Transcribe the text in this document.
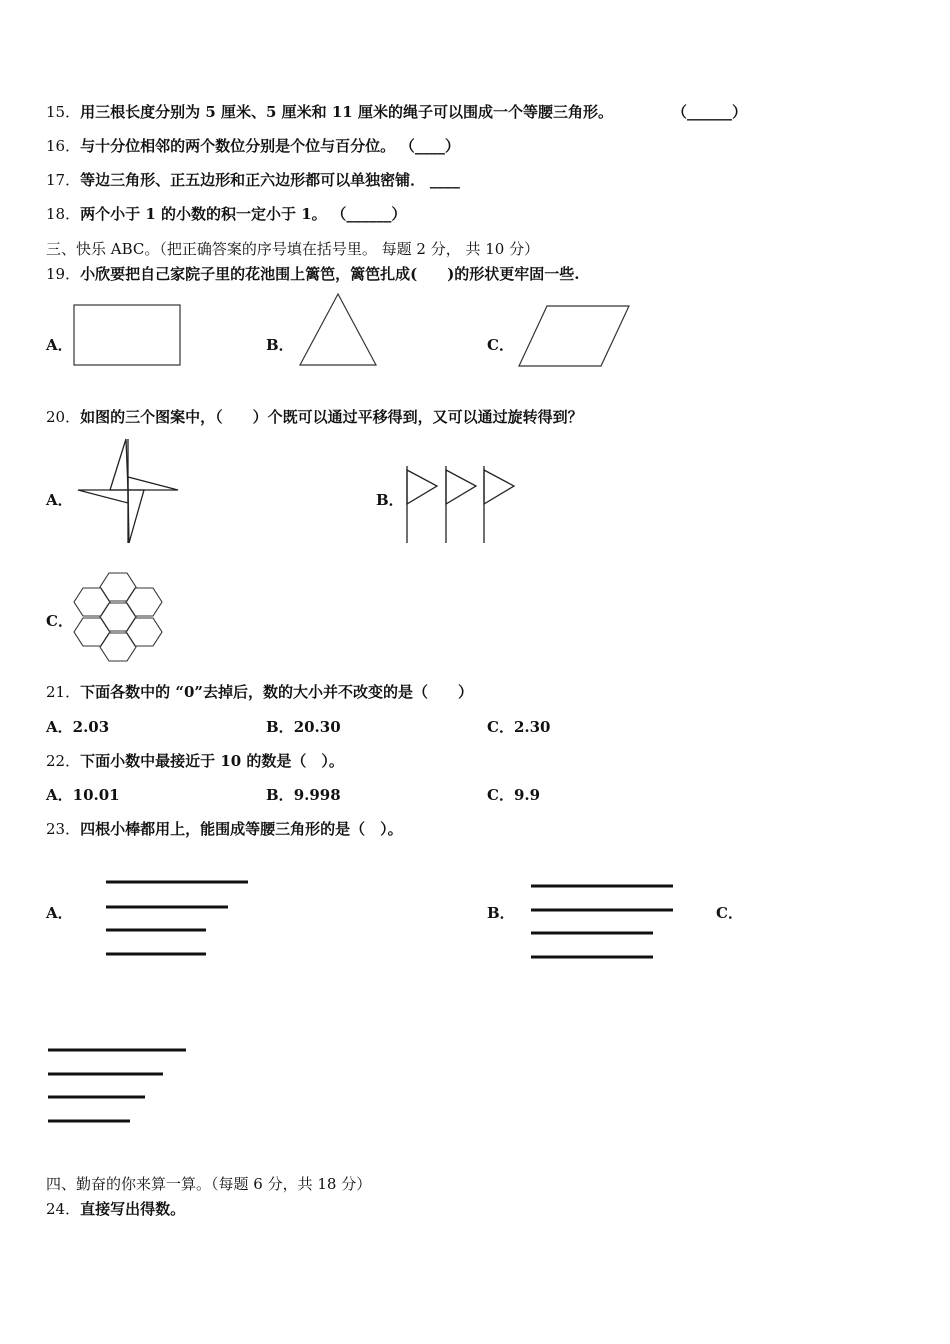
15．用三根长度分别为 5 厘米、5 厘米和 11 厘米的绳子可以围成一个等腰三角形。	（______）
16．与十分位相邻的两个数位分别是个位与百分位。 （____）
17．等边三角形、正五边形和正六边形都可以单独密铺． ____
18．两个小于 1 的小数的积一定小于 1。 （______）
三、快乐 ABC。（把正确答案的序号填在括号里。 每题 2 分， 共 10 分）
19．小欣要把自己家院子里的花池围上篱笆，篱笆扎成(　　)的形状更牢固一些.
A．	B．	C．
20．如图的三个图案中，（　　）个既可以通过平移得到，又可以通过旋转得到？
A．	B．
C．
21．下面各数中的 “0”去掉后，数的大小并不改变的是（　　）
A．2.03	B．20.30	C．2.30
22．下面小数中最接近于 10 的数是（　）。
A．10.01	B．9.998	C．9.9
23．四根小棒都用上，能围成等腰三角形的是（　）。
A．	B．	C．
四、勤奋的你来算一算。（每题 6 分，共 18 分）
24．直接写出得数。
